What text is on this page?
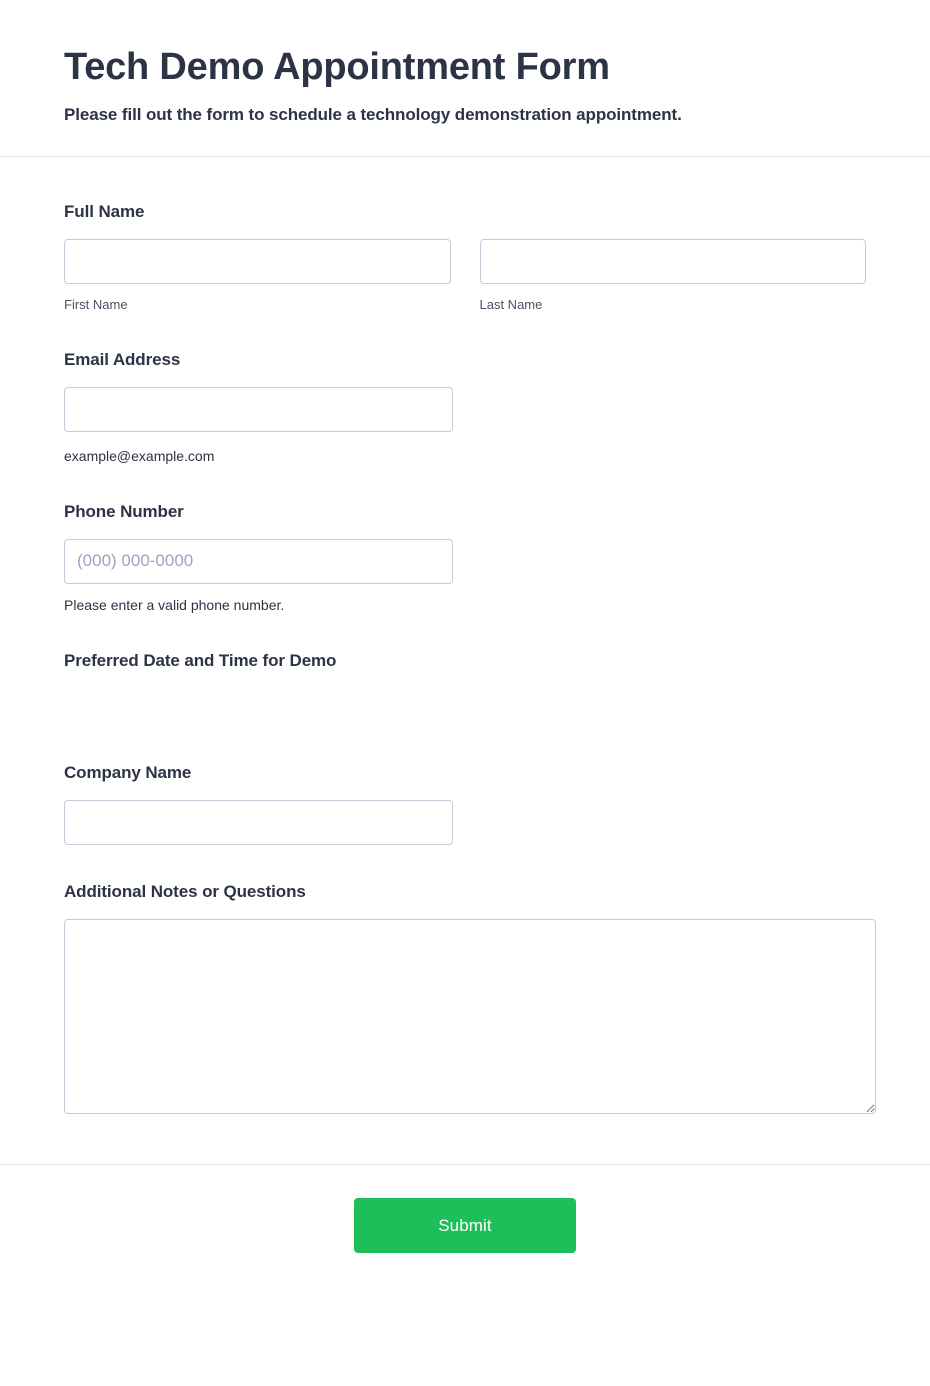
Tech Demo Appointment Form

Please fill out the form to schedule a technology demonstration appointment.

Full Name
First Name	Last Name
Email Address
example@example.com
Phone Number
(000) 000-0000
Please enter a valid phone number.
Preferred Date and Time for Demo
Company Name
Additional Notes or Questions
Submit
